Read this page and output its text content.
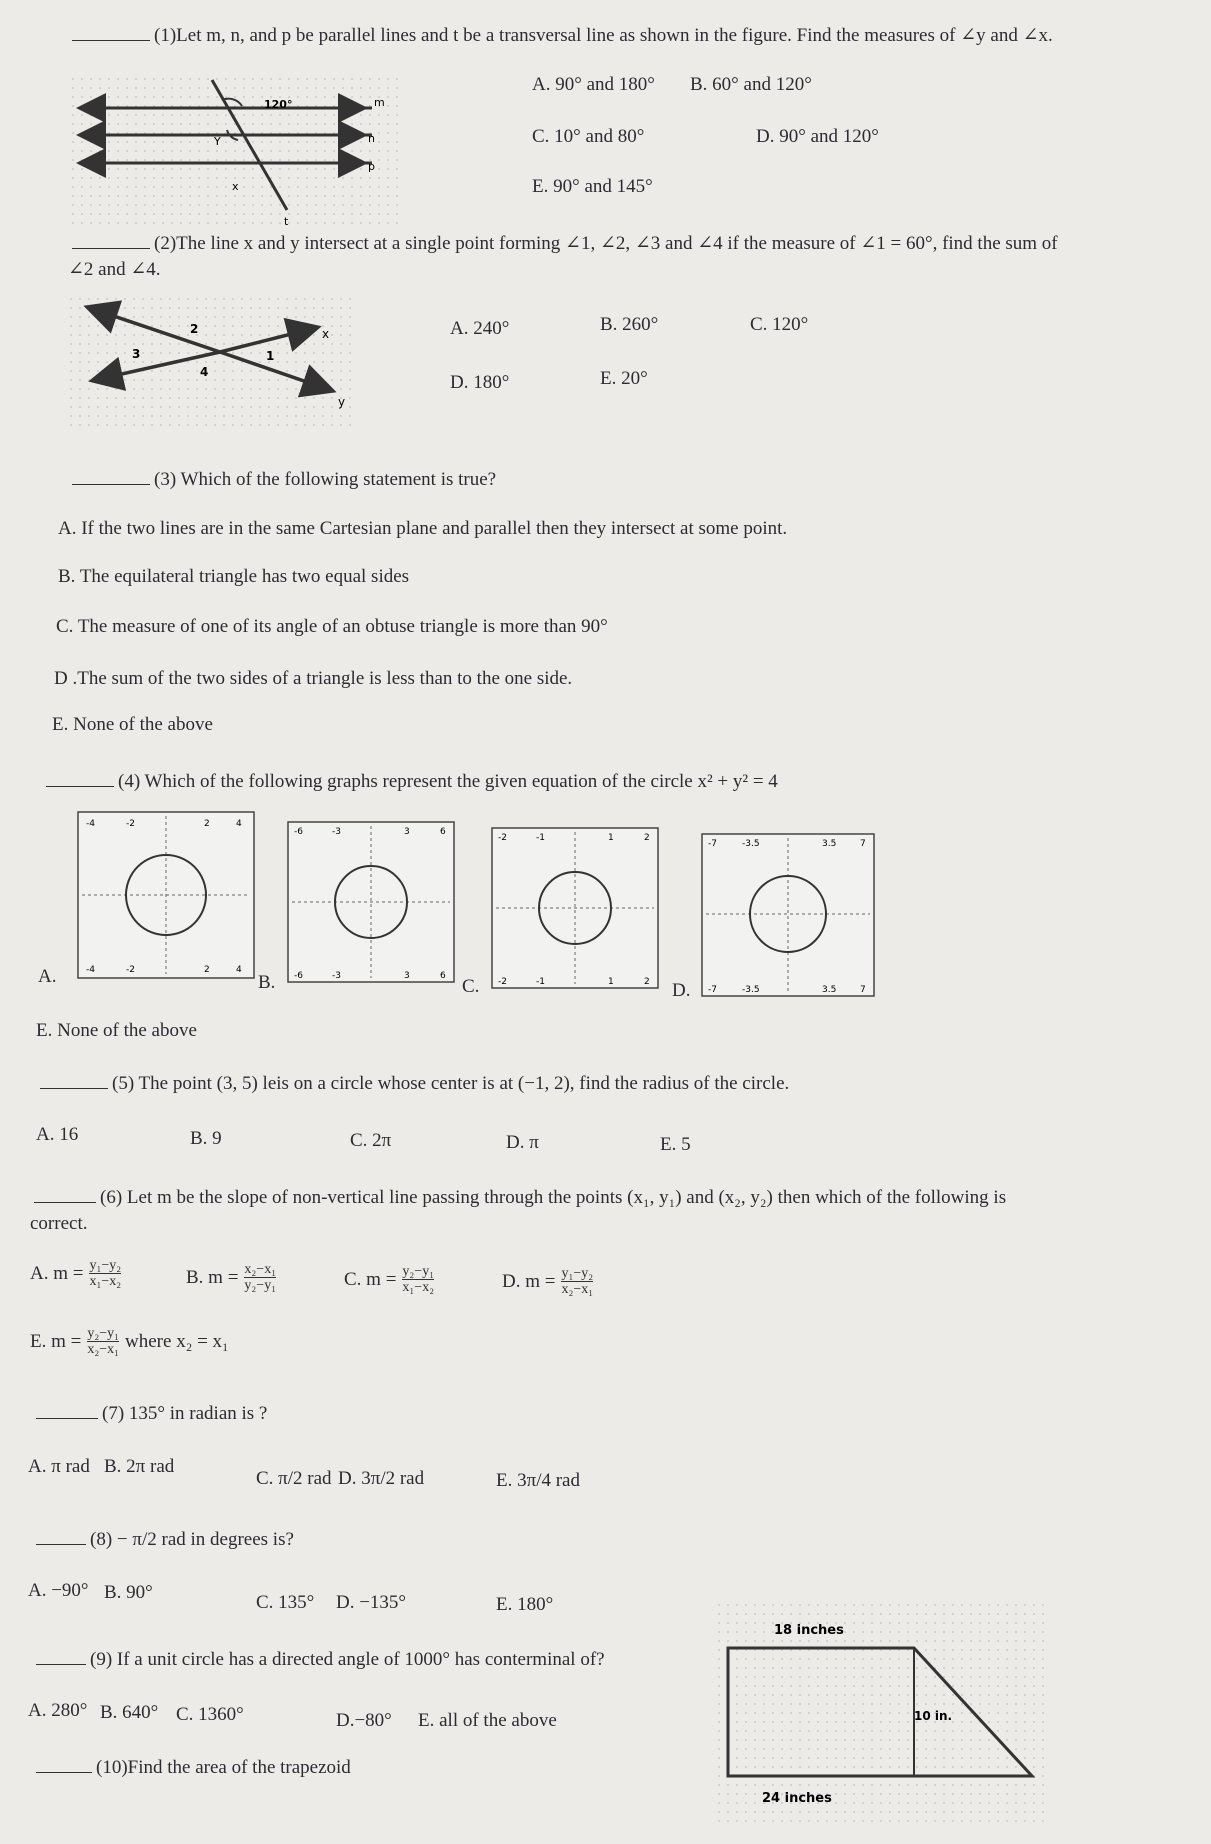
(1)Let m, n, and p be parallel lines and t be a transversal line as shown in the figure. Find the measures of ∠y and ∠x.
120°
Y
x
m
n
p
t
A. 90° and 180° B. 60° and 120°
C. 10° and 80°	D. 90° and 120°
E. 90° and 145°
(2)The line x and y intersect at a single point forming ∠1, ∠2, ∠3 and ∠4 if the measure of ∠1 = 60°, find the sum of
∠2 and ∠4.
2
1
3
4
x
y
A. 240°	B. 260°	C. 120°
D. 180°	E. 20°
(3) Which of the following statement is true?
A. If the two lines are in the same Cartesian plane and parallel then they intersect at some point.
B. The equilateral triangle has two equal sides
C. The measure of one of its angle of an obtuse triangle is more than 90°
D .The sum of the two sides of a triangle is less than to the one side.
E. None of the above
(4) Which of the following graphs represent the given equation of the circle x² + y² = 4
A.	B.	C.	D.
-4	-2	2	4
-4	-2	2	4
-6	-3	3	6
-6	-3	3	6
-2	-1	1	2
-2	-1	1	2
-7	-3.5	3.5	7
-7	-3.5	3.5	7
E. None of the above
(5) The point (3, 5) leis on a circle whose center is at (−1, 2), find the radius of the circle.
A. 16	B. 9	C. 2π	D. π	E. 5
(6) Let m be the slope of non-vertical line passing through the points (x₁, y₁) and (x₂, y₂) then which of the following is
correct.
A. $m = \frac{\text{y₁−y₂}}{\text{x₁−x₂}}$	B. $m = \frac{\text{x₂−x₁}}{\text{y₂−y₁}}$	C. $m = \frac{\text{y₂−y₁}}{\text{x₁−x₂}}$	D. $m = \frac{\text{y₁−y₂}}{\text{x₂−x₁}}$
E. $m = \frac{\text{y₂−y₁}}{\text{x₂−x₁}}$ where x₂ = x₁
(7) 135° in radian is ?
A. π rad B. 2π rad
C. π/2 rad D. 3π/2 rad	E. 3π/4 rad
(8) − π/2 rad in degrees is?
A. −90° B. 90°	C. 135° D. −135°	E. 180°
(9) If a unit circle has a directed angle of 1000° has conterminal of?
A. 280° B. 640° C. 1360°	D.−80° E. all of the above
(10)Find the area of the trapezoid
18 inches
10 in.
24 inches
